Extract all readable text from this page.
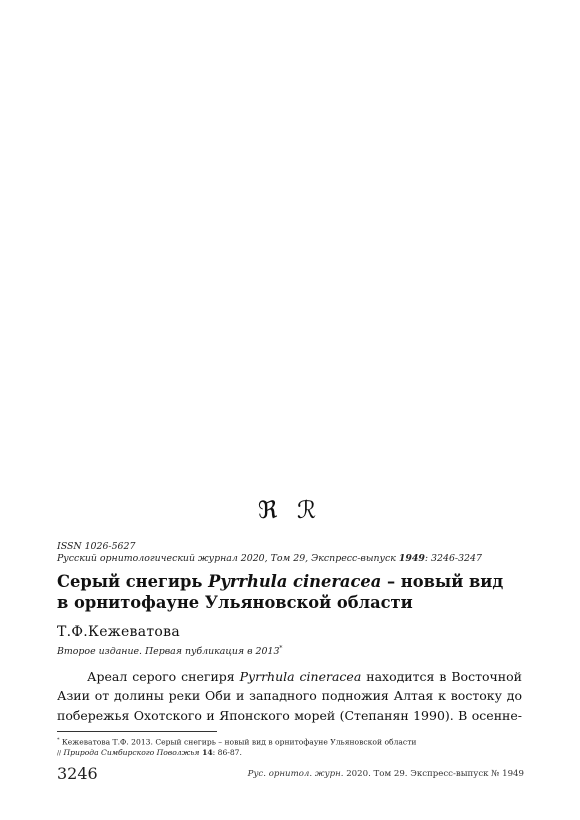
ℜ ℛ
ISSN 1026-5627
Русский орнитологический журнал 2020, Том 29, Экспресс-выпуск 1949: 3246-3247
Серый снегирь Pyrrhula cineracea – новый вид
в орнитофауне Ульяновской области
Т.Ф.Кежеватова
Второе издание. Первая публикация в 2013*
Ареал серого снегиря Pyrrhula cineracea находится в Восточной
Азии от долины реки Оби и западного подножия Алтая к востоку до
побережья Охотского и Японского морей (Степанян 1990). В осенне-
* Кежеватова Т.Ф. 2013. Серый снегирь – новый вид в орнитофауне Ульяновской области
// Природа Симбирского Поволжья 14: 86-87.
3246	Рус. орнитол. журн. 2020. Том 29. Экспресс-выпуск № 1949
